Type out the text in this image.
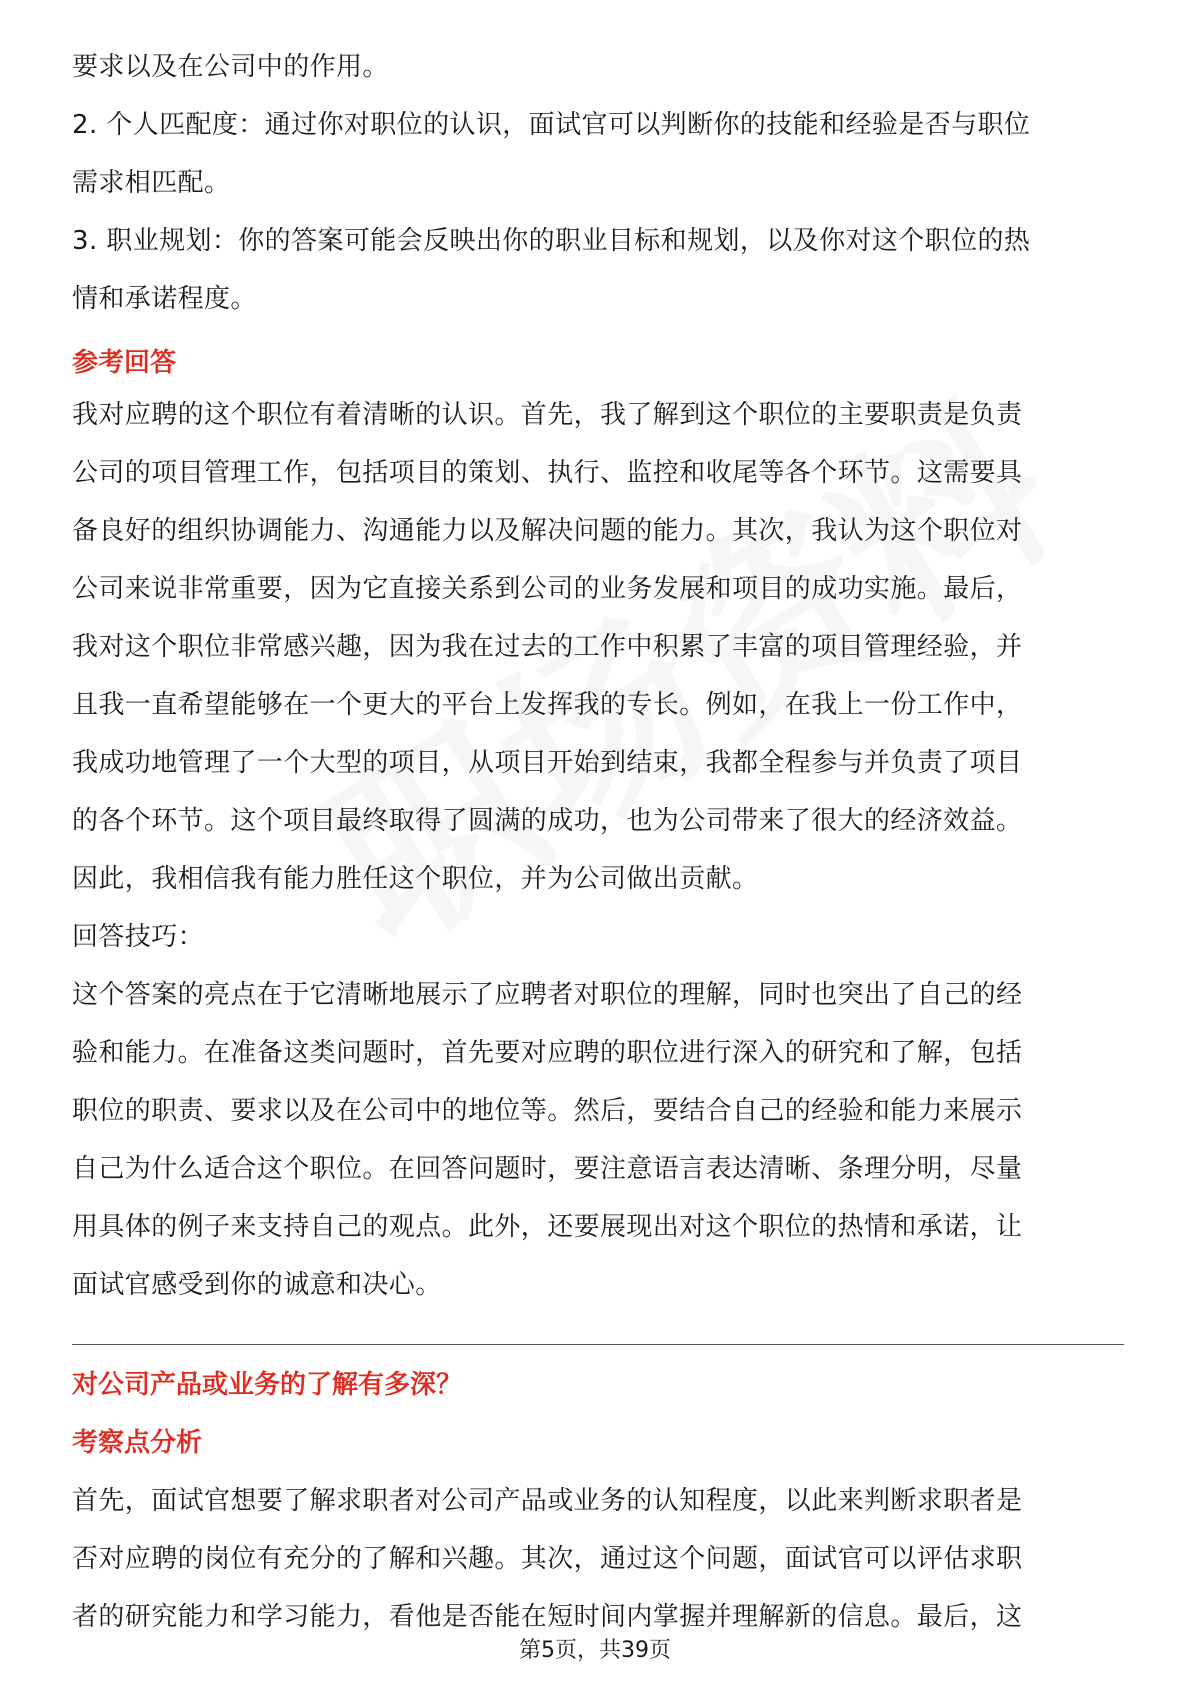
要求以及在公司中的作用。
2. 个人匹配度：通过你对职位的认识，面试官可以判断你的技能和经验是否与职位
需求相匹配。
3. 职业规划：你的答案可能会反映出你的职业目标和规划，以及你对这个职位的热
情和承诺程度。
参考回答
我对应聘的这个职位有着清晰的认识。首先，我了解到这个职位的主要职责是负责
公司的项目管理工作，包括项目的策划、执行、监控和收尾等各个环节。这需要具
备良好的组织协调能力、沟通能力以及解决问题的能力。其次，我认为这个职位对
公司来说非常重要，因为它直接关系到公司的业务发展和项目的成功实施。最后，
我对这个职位非常感兴趣，因为我在过去的工作中积累了丰富的项目管理经验，并
且我一直希望能够在一个更大的平台上发挥我的专长。例如，在我上一份工作中，
我成功地管理了一个大型的项目，从项目开始到结束，我都全程参与并负责了项目
的各个环节。这个项目最终取得了圆满的成功，也为公司带来了很大的经济效益。
因此，我相信我有能力胜任这个职位，并为公司做出贡献。
回答技巧：
这个答案的亮点在于它清晰地展示了应聘者对职位的理解，同时也突出了自己的经
验和能力。在准备这类问题时，首先要对应聘的职位进行深入的研究和了解，包括
职位的职责、要求以及在公司中的地位等。然后，要结合自己的经验和能力来展示
自己为什么适合这个职位。在回答问题时，要注意语言表达清晰、条理分明，尽量
用具体的例子来支持自己的观点。此外，还要展现出对这个职位的热情和承诺，让
面试官感受到你的诚意和决心。
对公司产品或业务的了解有多深？
考察点分析
首先，面试官想要了解求职者对公司产品或业务的认知程度，以此来判断求职者是
否对应聘的岗位有充分的了解和兴趣。其次，通过这个问题，面试官可以评估求职
者的研究能力和学习能力，看他是否能在短时间内掌握并理解新的信息。最后，这
第5页，共39页
